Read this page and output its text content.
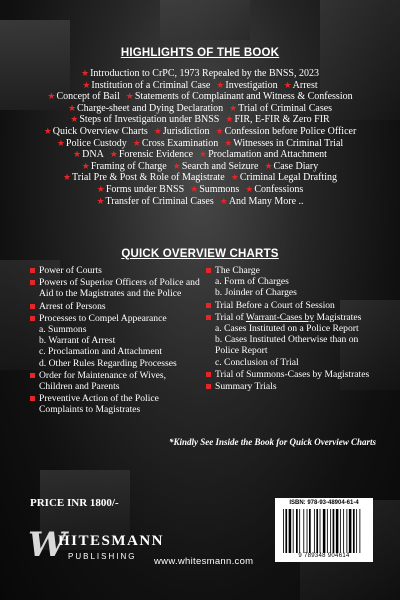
HIGHLIGHTS OF THE BOOK
★Introduction to CrPC, 1973 Repealed by the BNSS, 2023
★Institution of a Criminal Case ★Investigation ★Arrest
★Concept of Bail ★Statements of Complainant and Witness & Confession
★Charge-sheet and Dying Declaration ★Trial of Criminal Cases
★Steps of Investigation under BNSS ★FIR, E-FIR & Zero FIR
★Quick Overview Charts ★Jurisdiction ★Confession before Police Officer
★Police Custody ★Cross Examination ★Witnesses in Criminal Trial
★DNA ★Forensic Evidence ★Proclamation and Attachment
★Framing of Charge ★Search and Seizure ★Case Diary
★Trial Pre & Post & Role of Magistrate ★Criminal Legal Drafting
★Forms under BNSS ★Summons ★Confessions
★Transfer of Criminal Cases ★And Many More ..
QUICK OVERVIEW CHARTS
Power of Courts
Powers of Superior Officers of Police and Aid to the Magistrates and the Police
Arrest of Persons
Processes to Compel Appearance
a. Summons
b. Warrant of Arrest
c. Proclamation and Attachment
d. Other Rules Regarding Processes
Order for Maintenance of Wives, Children and Parents
Preventive Action of the Police Complaints to Magistrates
The Charge
a. Form of Charges
b. Joinder of Charges
Trial Before a Court of Session
Trial of Warrant-Cases by Magistrates
a. Cases Instituted on a Police Report
b. Cases Instituted Otherwise than on Police Report
c. Conclusion of Trial
Trial of Summons-Cases by Magistrates
Summary Trials
*Kindly See Inside the Book for Quick Overview Charts
PRICE INR 1800/-	ISBN: 978-93-48904-61-4
9 789348 904614
W
HITESMANN
PUBLISHING www.whitesmann.com
